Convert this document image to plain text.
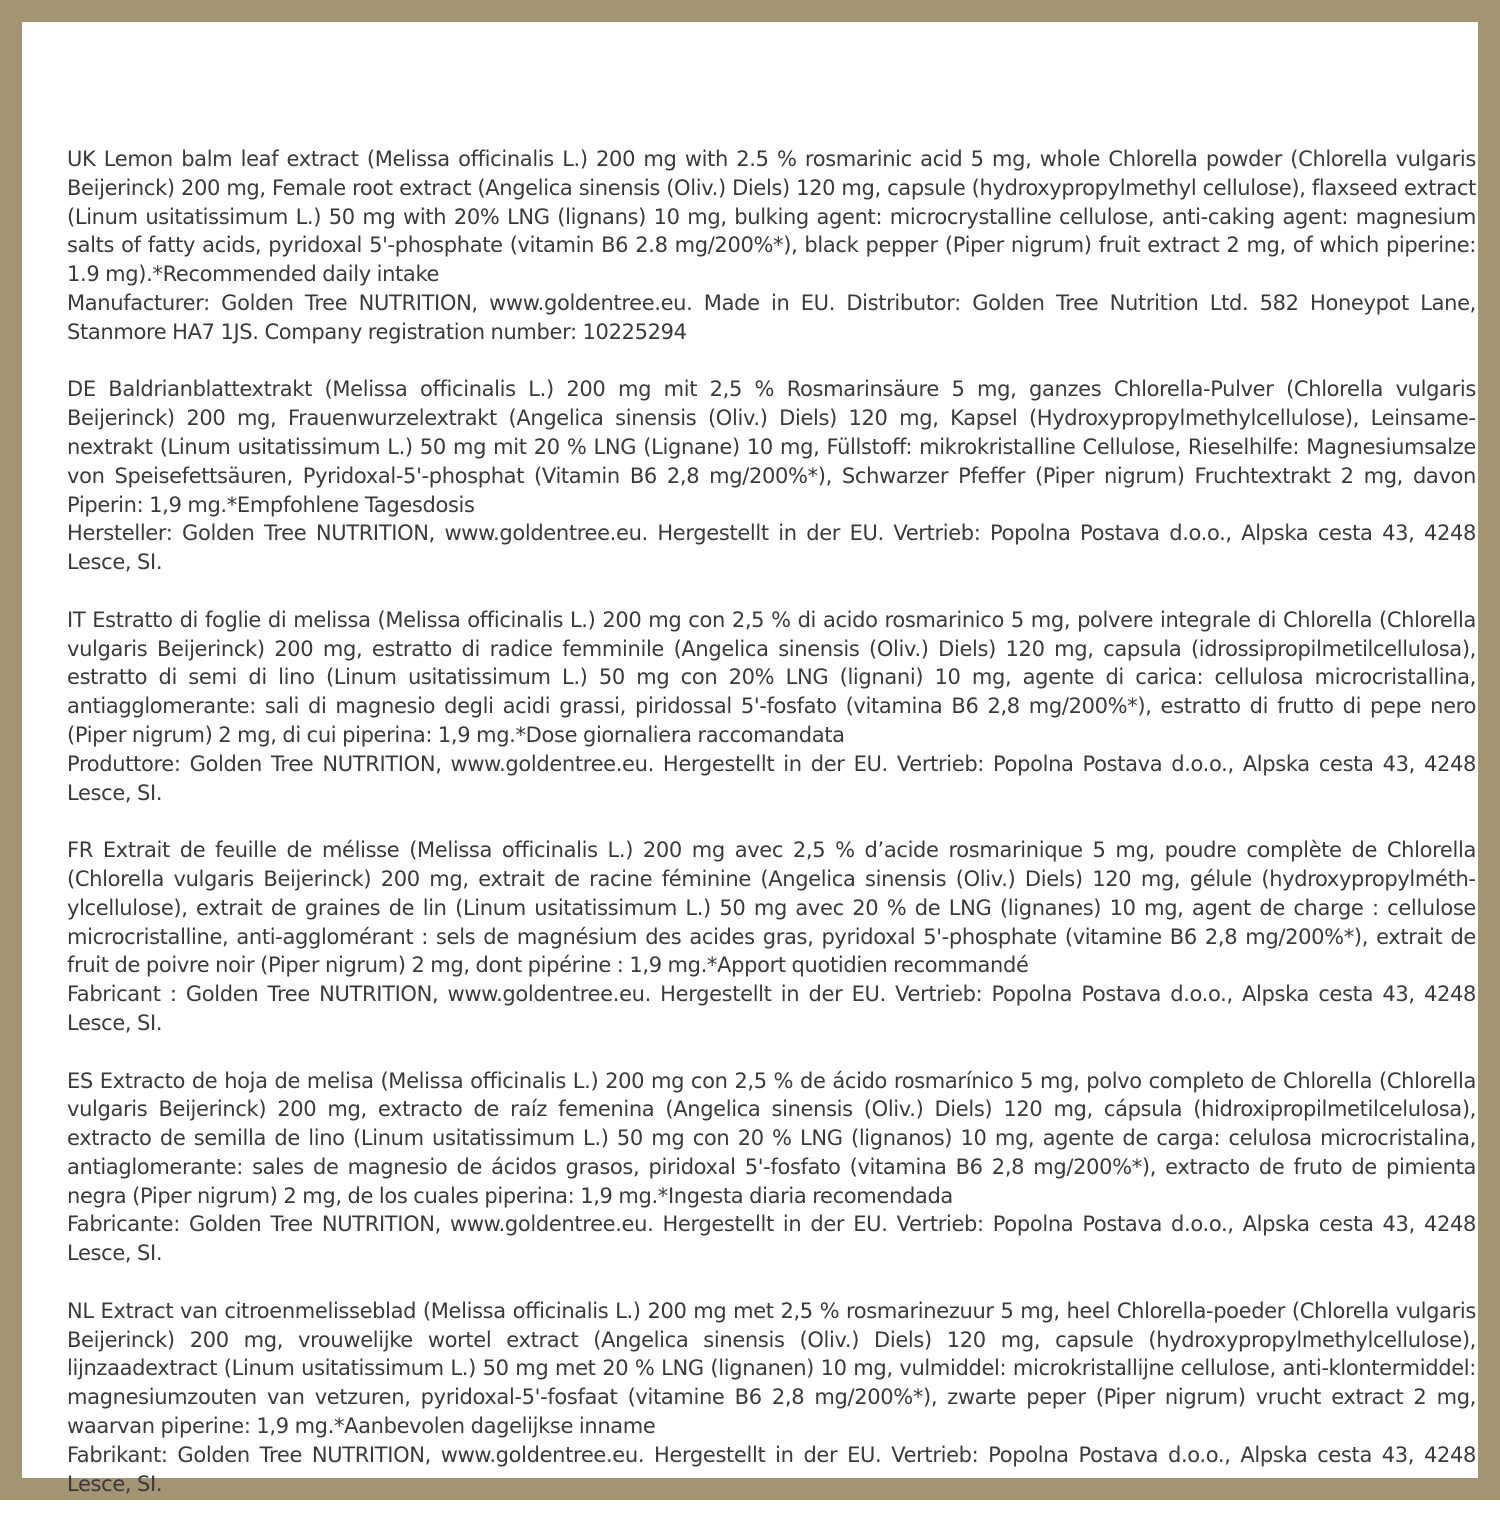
UK Lemon balm leaf extract (Melissa officinalis L.) 200 mg with 2.5 % rosmarinic acid 5 mg, whole Chlorella powder (Chlorella vulgaris Beijerinck) 200 mg, Female root extract (Angelica sinensis (Oliv.) Diels) 120 mg, capsule (hydroxypropylmethyl cellulose), flaxseed extract (Linum usitatissimum L.) 50 mg with 20% LNG (lignans) 10 mg, bulking agent: microcrystalline cellulose, anti-caking agent: magnesium salts of fatty acids, pyridoxal 5'-phosphate (vitamin B6 2.8 mg/200%*), black pepper (Piper nigrum) fruit extract 2 mg, of which piperine: 1.9 mg).*Recommended daily intake

Manufacturer: Golden Tree NUTRITION, www.goldentree.eu. Made in EU. Distributor: Golden Tree Nutrition Ltd. 582 Honeypot Lane, Stanmore HA7 1JS. Company registration number: 10225294

DE Baldrianblattextrakt (Melissa officinalis L.) 200 mg mit 2,5 % Rosmarinsäure 5 mg, ganzes Chlorella-Pulver (Chlorella vulgaris Beijerinck) 200 mg, Frauenwurzelextrakt (Angelica sinensis (Oliv.) Diels) 120 mg, Kapsel (Hydroxypropylmethylcellulose), Leinsamenextrakt (Linum usitatissimum L.) 50 mg mit 20 % LNG (Lignane) 10 mg, Füllstoff: mikrokristalline Cellulose, Rieselhilfe: Magnesiumsalze von Speisefettsäuren, Pyridoxal-5'-phosphat (Vitamin B6 2,8 mg/200%*), Schwarzer Pfeffer (Piper nigrum) Fruchtextrakt 2 mg, davon Piperin: 1,9 mg.*Empfohlene Tagesdosis

Hersteller: Golden Tree NUTRITION, www.goldentree.eu. Hergestellt in der EU. Vertrieb: Popolna Postava d.o.o., Alpska cesta 43, 4248 Lesce, SI.

IT Estratto di foglie di melissa (Melissa officinalis L.) 200 mg con 2,5 % di acido rosmarinico 5 mg, polvere integrale di Chlorella (Chlorella vulgaris Beijerinck) 200 mg, estratto di radice femminile (Angelica sinensis (Oliv.) Diels) 120 mg, capsula (idrossipropilmetilcellulosa), estratto di semi di lino (Linum usitatissimum L.) 50 mg con 20% LNG (lignani) 10 mg, agente di carica: cellulosa microcristallina, antiagglomerante: sali di magnesio degli acidi grassi, piridossal 5'-fosfato (vitamina B6 2,8 mg/200%*), estratto di frutto di pepe nero (Piper nigrum) 2 mg, di cui piperina: 1,9 mg.*Dose giornaliera raccomandata

Produttore: Golden Tree NUTRITION, www.goldentree.eu. Hergestellt in der EU. Vertrieb: Popolna Postava d.o.o., Alpska cesta 43, 4248 Lesce, SI.

FR Extrait de feuille de mélisse (Melissa officinalis L.) 200 mg avec 2,5 % d’acide rosmarinique 5 mg, poudre complète de Chlorella (Chlorella vulgaris Beijerinck) 200 mg, extrait de racine féminine (Angelica sinensis (Oliv.) Diels) 120 mg, gélule (hydroxypropylméthylcellulose), extrait de graines de lin (Linum usitatissimum L.) 50 mg avec 20 % de LNG (lignanes) 10 mg, agent de charge : cellulose microcristalline, anti-agglomérant : sels de magnésium des acides gras, pyridoxal 5'-phosphate (vitamine B6 2,8 mg/200%*), extrait de fruit de poivre noir (Piper nigrum) 2 mg, dont pipérine : 1,9 mg.*Apport quotidien recommandé

Fabricant : Golden Tree NUTRITION, www.goldentree.eu. Hergestellt in der EU. Vertrieb: Popolna Postava d.o.o., Alpska cesta 43, 4248 Lesce, SI.

ES Extracto de hoja de melisa (Melissa officinalis L.) 200 mg con 2,5 % de ácido rosmarínico 5 mg, polvo completo de Chlorella (Chlorella vulgaris Beijerinck) 200 mg, extracto de raíz femenina (Angelica sinensis (Oliv.) Diels) 120 mg, cápsula (hidroxipropilmetilcelulosa), extracto de semilla de lino (Linum usitatissimum L.) 50 mg con 20 % LNG (lignanos) 10 mg, agente de carga: celulosa microcristalina, antiaglomerante: sales de magnesio de ácidos grasos, piridoxal 5'-fosfato (vitamina B6 2,8 mg/200%*), extracto de fruto de pimienta negra (Piper nigrum) 2 mg, de los cuales piperina: 1,9 mg.*Ingesta diaria recomendada

Fabricante: Golden Tree NUTRITION, www.goldentree.eu. Hergestellt in der EU. Vertrieb: Popolna Postava d.o.o., Alpska cesta 43, 4248 Lesce, SI.

NL Extract van citroenmelisseblad (Melissa officinalis L.) 200 mg met 2,5 % rosmarinezuur 5 mg, heel Chlorella-poeder (Chlorella vulgaris Beijerinck) 200 mg, vrouwelijke wortel extract (Angelica sinensis (Oliv.) Diels) 120 mg, capsule (hydroxypropylmethylcellulose), lijnzaadextract (Linum usitatissimum L.) 50 mg met 20 % LNG (lignanen) 10 mg, vulmiddel: microkristallijne cellulose, anti-klontermiddel: magnesiumzouten van vetzuren, pyridoxal-5'-fosfaat (vitamine B6 2,8 mg/200%*), zwarte peper (Piper nigrum) vrucht extract 2 mg, waarvan piperine: 1,9 mg.*Aanbevolen dagelijkse inname

Fabrikant: Golden Tree NUTRITION, www.goldentree.eu. Hergestellt in der EU. Vertrieb: Popolna Postava d.o.o., Alpska cesta 43, 4248 Lesce, SI.
